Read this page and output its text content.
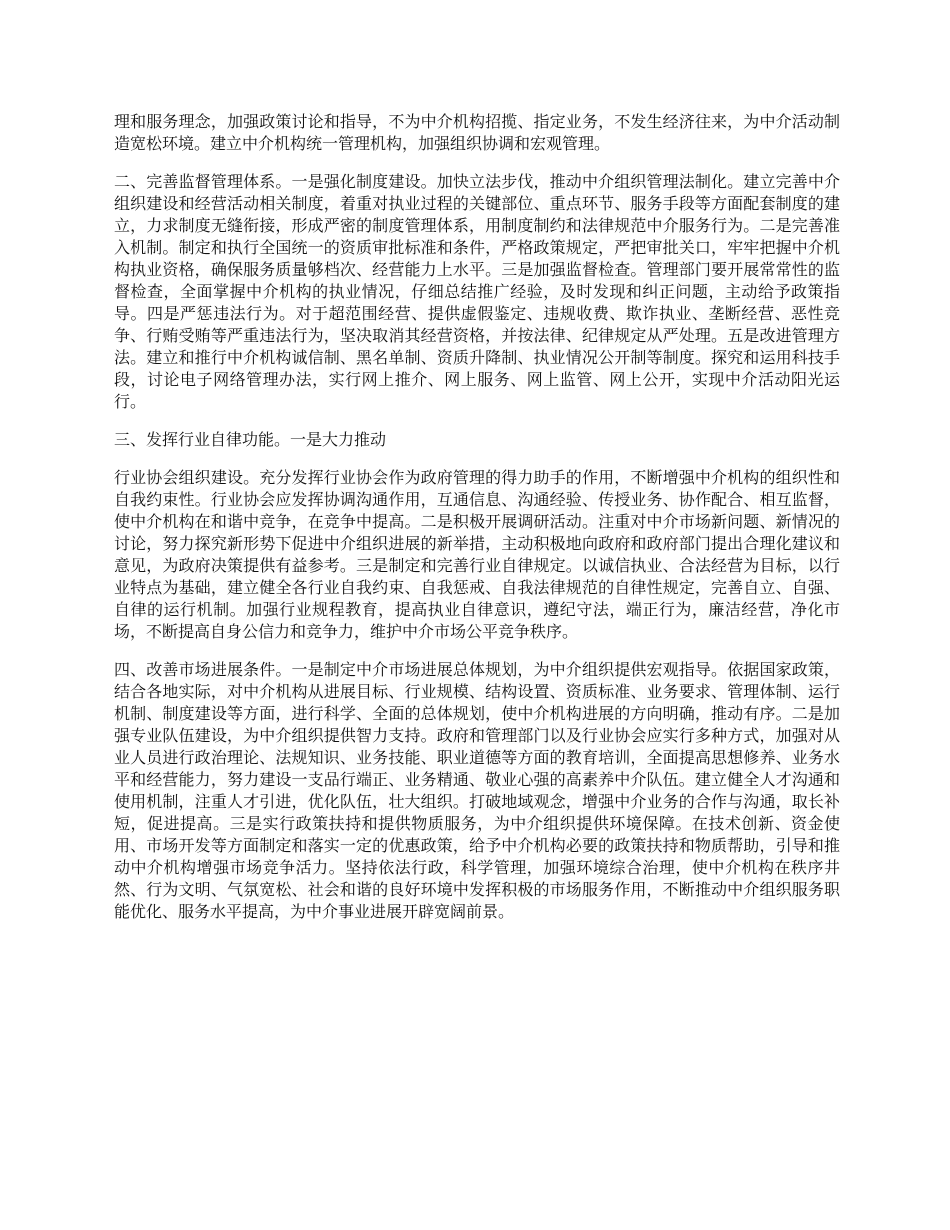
理和服务理念，加强政策讨论和指导，不为中介机构招揽、指定业务，不发生经济往来，为中介活动制造宽松环境。建立中介机构统一管理机构，加强组织协调和宏观管理。

二、完善监督管理体系。一是强化制度建设。加快立法步伐，推动中介组织管理法制化。建立完善中介组织建设和经营活动相关制度，着重对执业过程的关键部位、重点环节、服务手段等方面配套制度的建立，力求制度无缝衔接，形成严密的制度管理体系，用制度制约和法律规范中介服务行为。二是完善准入机制。制定和执行全国统一的资质审批标准和条件，严格政策规定，严把审批关口，牢牢把握中介机构执业资格，确保服务质量够档次、经营能力上水平。三是加强监督检查。管理部门要开展常常性的监督检查，全面掌握中介机构的执业情况，仔细总结推广经验，及时发现和纠正问题，主动给予政策指导。四是严惩违法行为。对于超范围经营、提供虚假鉴定、违规收费、欺诈执业、垄断经营、恶性竞争、行贿受贿等严重违法行为，坚决取消其经营资格，并按法律、纪律规定从严处理。五是改进管理方法。建立和推行中介机构诚信制、黑名单制、资质升降制、执业情况公开制等制度。探究和运用科技手段，讨论电子网络管理办法，实行网上推介、网上服务、网上监管、网上公开，实现中介活动阳光运行。

三、发挥行业自律功能。一是大力推动

行业协会组织建设。充分发挥行业协会作为政府管理的得力助手的作用，不断增强中介机构的组织性和自我约束性。行业协会应发挥协调沟通作用，互通信息、沟通经验、传授业务、协作配合、相互监督，使中介机构在和谐中竞争，在竞争中提高。二是积极开展调研活动。注重对中介市场新问题、新情况的讨论，努力探究新形势下促进中介组织进展的新举措，主动积极地向政府和政府部门提出合理化建议和意见，为政府决策提供有益参考。三是制定和完善行业自律规定。以诚信执业、合法经营为目标，以行业特点为基础，建立健全各行业自我约束、自我惩戒、自我法律规范的自律性规定，完善自立、自强、自律的运行机制。加强行业规程教育，提高执业自律意识，遵纪守法，端正行为，廉洁经营，净化市场，不断提高自身公信力和竞争力，维护中介市场公平竞争秩序。

四、改善市场进展条件。一是制定中介市场进展总体规划，为中介组织提供宏观指导。依据国家政策，结合各地实际，对中介机构从进展目标、行业规模、结构设置、资质标准、业务要求、管理体制、运行机制、制度建设等方面，进行科学、全面的总体规划，使中介机构进展的方向明确，推动有序。二是加强专业队伍建设，为中介组织提供智力支持。政府和管理部门以及行业协会应实行多种方式，加强对从业人员进行政治理论、法规知识、业务技能、职业道德等方面的教育培训，全面提高思想修养、业务水平和经营能力，努力建设一支品行端正、业务精通、敬业心强的高素养中介队伍。建立健全人才沟通和使用机制，注重人才引进，优化队伍，壮大组织。打破地域观念，增强中介业务的合作与沟通，取长补短，促进提高。三是实行政策扶持和提供物质服务，为中介组织提供环境保障。在技术创新、资金使用、市场开发等方面制定和落实一定的优惠政策，给予中介机构必要的政策扶持和物质帮助，引导和推动中介机构增强市场竞争活力。坚持依法行政，科学管理，加强环境综合治理，使中介机构在秩序井然、行为文明、气氛宽松、社会和谐的良好环境中发挥积极的市场服务作用，不断推动中介组织服务职能优化、服务水平提高，为中介事业进展开辟宽阔前景。
